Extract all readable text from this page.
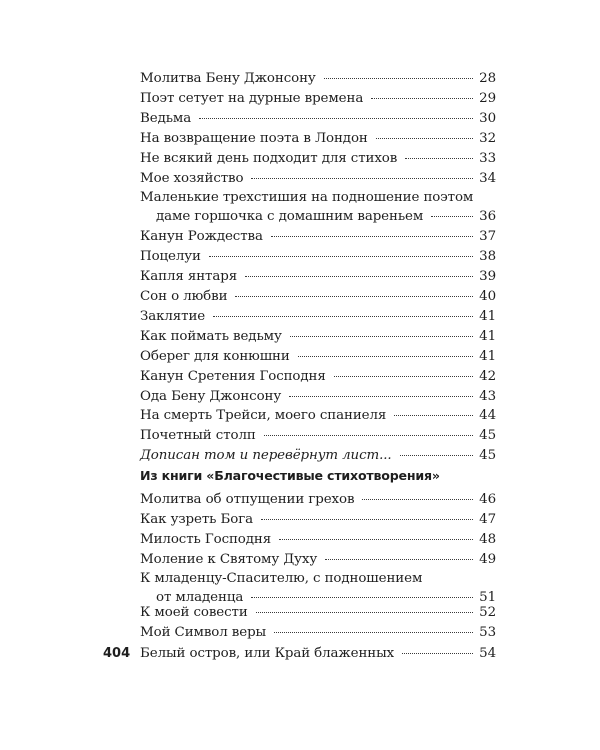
Молитва Бену Джонсону	28
Поэт сетует на дурные времена	29
Ведьма	30
На возвращение поэта в Лондон	32
Не всякий день подходит для стихов	33
Мое хозяйство	34
Маленькие трехстишия на подношение поэтом
даме горшочка с домашним вареньем	36
Канун Рождества	37
Поцелуи	38
Капля янтаря	39
Сон о любви	40
Заклятие	41
Как поймать ведьму	41
Оберег для конюшни	41
Канун Сретения Господня	42
Ода Бену Джонсону	43
На смерть Трейси, моего спаниеля	44
Почетный столп	45
Дописан том и перевёрнут лист...	45
Из книги «Благочестивые стихотворения»
Молитва об отпущении грехов	46
Как узреть Бога	47
Милость Господня	48
Моление к Святому Духу	49
К младенцу-Спасителю, с подношением
от младенца	51
К моей совести	52
Мой Символ веры	53
Белый остров, или Край блаженных	54
404
